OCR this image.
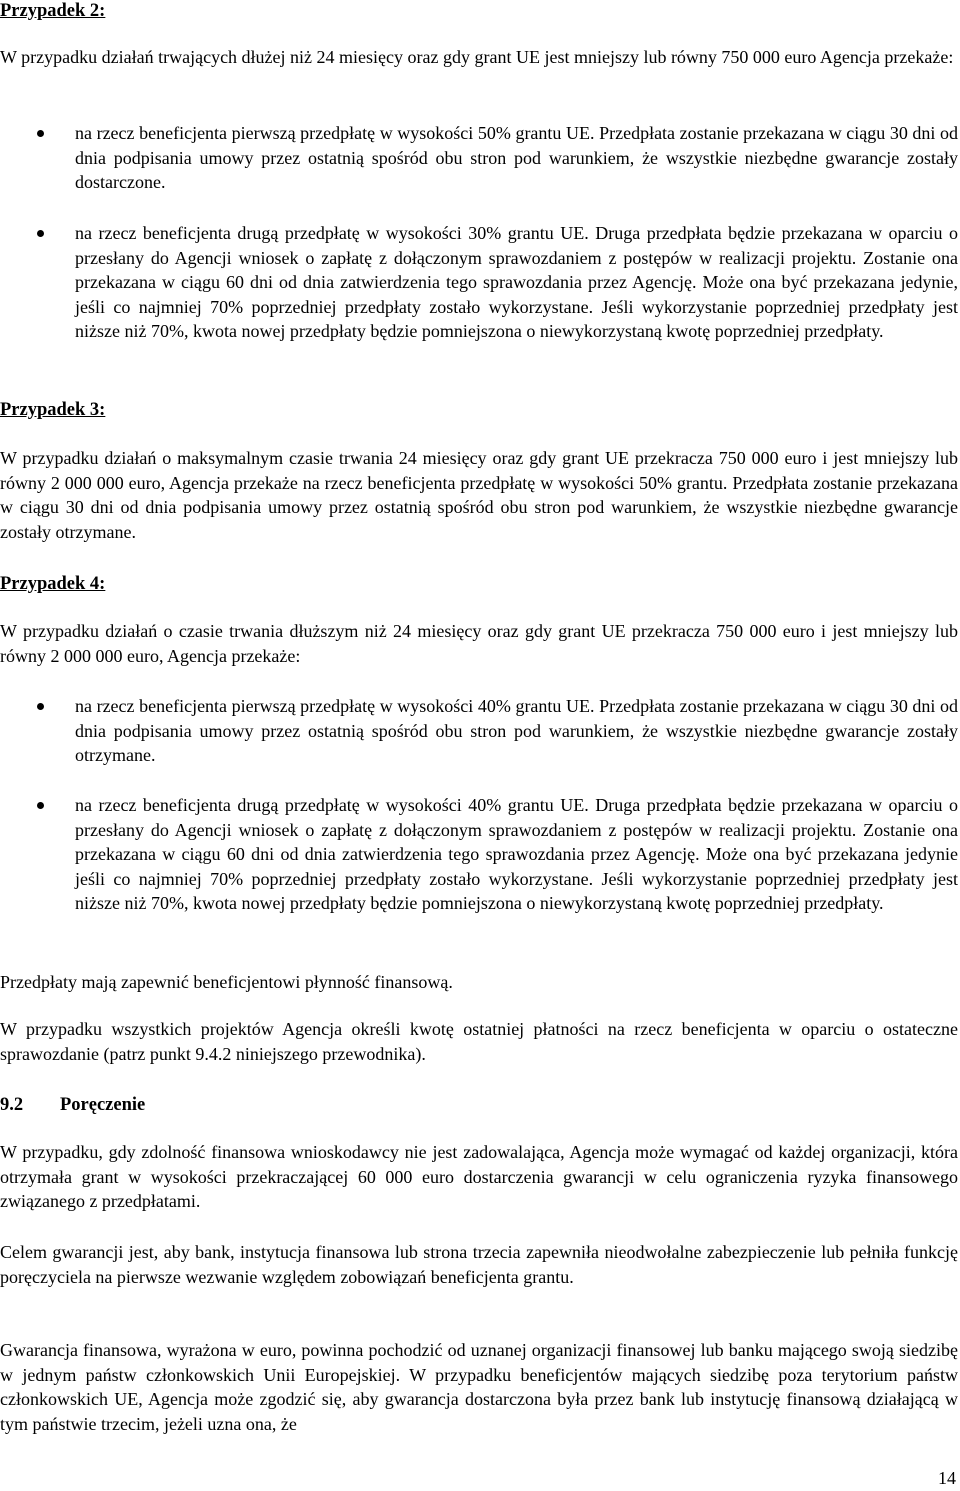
Przypadek 2:

W przypadku działań trwających dłużej niż 24 miesięcy oraz gdy grant UE jest mniejszy lub równy 750 000 euro Agencja przekaże:

na rzecz beneficjenta pierwszą przedpłatę w wysokości 50% grantu UE. Przedpłata zostanie przekazana w ciągu 30 dni od dnia podpisania umowy przez ostatnią spośród obu stron pod warunkiem, że wszystkie niezbędne gwarancje zostały dostarczone.
na rzecz beneficjenta drugą przedpłatę w wysokości 30% grantu UE. Druga przedpłata będzie przekazana w oparciu o przesłany do Agencji wniosek o zapłatę z dołączonym sprawozdaniem z postępów w realizacji projektu. Zostanie ona przekazana w ciągu 60 dni od dnia zatwierdzenia tego sprawozdania przez Agencję. Może ona być przekazana jedynie, jeśli co najmniej 70% poprzedniej przedpłaty zostało wykorzystane. Jeśli wykorzystanie poprzedniej przedpłaty jest niższe niż 70%, kwota nowej przedpłaty będzie pomniejszona o niewykorzystaną kwotę poprzedniej przedpłaty.

Przypadek 3:

W przypadku działań o maksymalnym czasie trwania 24 miesięcy oraz gdy grant UE przekracza 750 000 euro i jest mniejszy lub równy 2 000 000 euro, Agencja przekaże na rzecz beneficjenta przedpłatę w wysokości 50% grantu. Przedpłata zostanie przekazana w ciągu 30 dni od dnia podpisania umowy przez ostatnią spośród obu stron pod warunkiem, że wszystkie niezbędne gwarancje zostały otrzymane.

Przypadek 4:

W przypadku działań o czasie trwania dłuższym niż 24 miesięcy oraz gdy grant UE przekracza 750 000 euro i jest mniejszy lub równy 2 000 000 euro, Agencja przekaże:

na rzecz beneficjenta pierwszą przedpłatę w wysokości 40% grantu UE. Przedpłata zostanie przekazana w ciągu 30 dni od dnia podpisania umowy przez ostatnią spośród obu stron pod warunkiem, że wszystkie niezbędne gwarancje zostały otrzymane.
na rzecz beneficjenta drugą przedpłatę w wysokości 40% grantu UE. Druga przedpłata będzie przekazana w oparciu o przesłany do Agencji wniosek o zapłatę z dołączonym sprawozdaniem z postępów w realizacji projektu. Zostanie ona przekazana w ciągu 60 dni od dnia zatwierdzenia tego sprawozdania przez Agencję. Może ona być przekazana jedynie jeśli co najmniej 70% poprzedniej przedpłaty zostało wykorzystane. Jeśli wykorzystanie poprzedniej przedpłaty jest niższe niż 70%, kwota nowej przedpłaty będzie pomniejszona o niewykorzystaną kwotę poprzedniej przedpłaty.

Przedpłaty mają zapewnić beneficjentowi płynność finansową.

W przypadku wszystkich projektów Agencja określi kwotę ostatniej płatności na rzecz beneficjenta w oparciu o ostateczne sprawozdanie (patrz punkt 9.4.2 niniejszego przewodnika).

9.2 Poręczenie

W przypadku, gdy zdolność finansowa wnioskodawcy nie jest zadowalająca, Agencja może wymagać od każdej organizacji, która otrzymała grant w wysokości przekraczającej 60 000 euro dostarczenia gwarancji w celu ograniczenia ryzyka finansowego związanego z przedpłatami.

Celem gwarancji jest, aby bank, instytucja finansowa lub strona trzecia zapewniła nieodwołalne zabezpieczenie lub pełniła funkcję poręczyciela na pierwsze wezwanie względem zobowiązań beneficjenta grantu.

Gwarancja finansowa, wyrażona w euro, powinna pochodzić od uznanej organizacji finansowej lub banku mającego swoją siedzibę w jednym państw członkowskich Unii Europejskiej. W przypadku beneficjentów mających siedzibę poza terytorium państw członkowskich UE, Agencja może zgodzić się, aby gwarancja dostarczona była przez bank lub instytucję finansową działającą w tym państwie trzecim, jeżeli uzna ona, że

14
